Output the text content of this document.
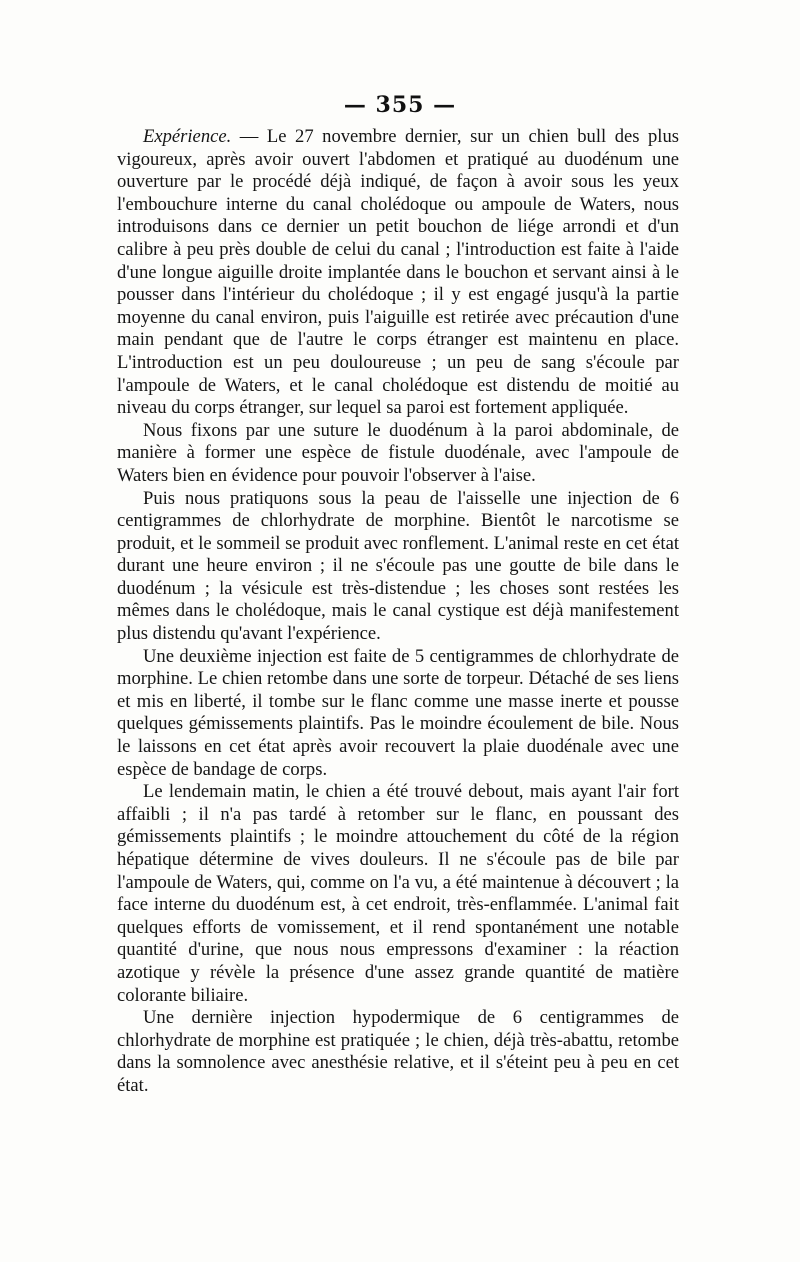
— 355 —

Expérience. — Le 27 novembre dernier, sur un chien bull des plus vigoureux, après avoir ouvert l'abdomen et pratiqué au duodénum une ouverture par le procédé déjà indiqué, de façon à avoir sous les yeux l'embouchure interne du canal cholédoque ou ampoule de Waters, nous introduisons dans ce dernier un petit bouchon de liége arrondi et d'un calibre à peu près double de celui du canal ; l'introduction est faite à l'aide d'une longue aiguille droite implantée dans le bouchon et servant ainsi à le pousser dans l'intérieur du cholédoque ; il y est engagé jusqu'à la partie moyenne du canal environ, puis l'aiguille est retirée avec précaution d'une main pendant que de l'autre le corps étranger est maintenu en place. L'introduction est un peu douloureuse ; un peu de sang s'écoule par l'ampoule de Waters, et le canal cholédoque est distendu de moitié au niveau du corps étranger, sur lequel sa paroi est fortement appliquée.

Nous fixons par une suture le duodénum à la paroi abdominale, de manière à former une espèce de fistule duodénale, avec l'ampoule de Waters bien en évidence pour pouvoir l'observer à l'aise.

Puis nous pratiquons sous la peau de l'aisselle une injection de 6 centigrammes de chlorhydrate de morphine. Bientôt le narcotisme se produit, et le sommeil se produit avec ronflement. L'animal reste en cet état durant une heure environ ; il ne s'écoule pas une goutte de bile dans le duodénum ; la vésicule est très-distendue ; les choses sont restées les mêmes dans le cholédoque, mais le canal cystique est déjà manifestement plus distendu qu'avant l'expérience.

Une deuxième injection est faite de 5 centigrammes de chlorhydrate de morphine. Le chien retombe dans une sorte de torpeur. Détaché de ses liens et mis en liberté, il tombe sur le flanc comme une masse inerte et pousse quelques gémissements plaintifs. Pas le moindre écoulement de bile. Nous le laissons en cet état après avoir recouvert la plaie duodénale avec une espèce de bandage de corps.

Le lendemain matin, le chien a été trouvé debout, mais ayant l'air fort affaibli ; il n'a pas tardé à retomber sur le flanc, en poussant des gémissements plaintifs ; le moindre attouchement du côté de la région hépatique détermine de vives douleurs. Il ne s'écoule pas de bile par l'ampoule de Waters, qui, comme on l'a vu, a été maintenue à découvert ; la face interne du duodénum est, à cet endroit, très-enflammée. L'animal fait quelques efforts de vomissement, et il rend spontanément une notable quantité d'urine, que nous nous empressons d'examiner : la réaction azotique y révèle la présence d'une assez grande quantité de matière colorante biliaire.

Une dernière injection hypodermique de 6 centigrammes de chlorhydrate de morphine est pratiquée ; le chien, déjà très-abattu, retombe dans la somnolence avec anesthésie relative, et il s'éteint peu à peu en cet état.
